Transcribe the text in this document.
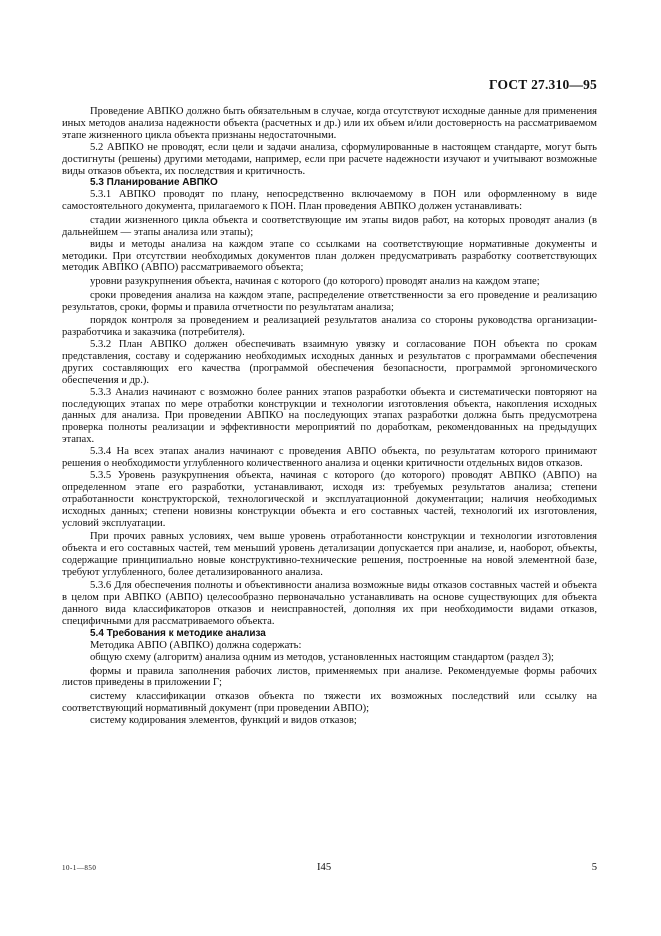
ГОСТ 27.310—95

Проведение АВПКО должно быть обязательным в случае, когда отсутствуют исходные данные для применения иных методов анализа надежности объекта (расчетных и др.) или их объем и/или достоверность на рассматриваемом этапе жизненного цикла объекта признаны недостаточными.

5.2 АВПКО не проводят, если цели и задачи анализа, сформулированные в настоящем стандарте, могут быть достигнуты (решены) другими методами, например, если при расчете надежности изучают и учитывают возможные виды отказов объекта, их последствия и критичность.

5.3 Планирование АВПКО

5.3.1 АВПКО проводят по плану, непосредственно включаемому в ПОН или оформленному в виде самостоятельного документа, прилагаемого к ПОН. План проведения АВПКО должен устанавливать:

стадии жизненного цикла объекта и соответствующие им этапы видов работ, на которых проводят анализ (в дальнейшем — этапы анализа или этапы);

виды и методы анализа на каждом этапе со ссылками на соответствующие нормативные документы и методики. При отсутствии необходимых документов план должен предусматривать разработку соответствующих методик АВПКО (АВПО) рассматриваемого объекта;

уровни разукрупнения объекта, начиная с которого (до которого) проводят анализ на каждом этапе;

сроки проведения анализа на каждом этапе, распределение ответственности за его проведение и реализацию результатов, сроки, формы и правила отчетности по результатам анализа;

порядок контроля за проведением и реализацией результатов анализа со стороны руководства организации-разработчика и заказчика (потребителя).

5.3.2 План АВПКО должен обеспечивать взаимную увязку и согласование ПОН объекта по срокам представления, составу и содержанию необходимых исходных данных и результатов с программами обеспечения других составляющих его качества (программой обеспечения безопасности, программой эргономического обеспечения и др.).

5.3.3 Анализ начинают с возможно более ранних этапов разработки объекта и систематически повторяют на последующих этапах по мере отработки конструкции и технологии изготовления объекта, накопления исходных данных для анализа. При проведении АВПКО на последующих этапах разработки должна быть предусмотрена проверка полноты реализации и эффективности мероприятий по доработкам, рекомендованных на предыдущих этапах.

5.3.4 На всех этапах анализ начинают с проведения АВПО объекта, по результатам которого принимают решения о необходимости углубленного количественного анализа и оценки критичности отдельных видов отказов.

5.3.5 Уровень разукрупнения объекта, начиная с которого (до которого) проводят АВПКО (АВПО) на определенном этапе его разработки, устанавливают, исходя из: требуемых результатов анализа; степени отработанности конструкторской, технологической и эксплуатационной документации; наличия необходимых исходных данных; степени новизны конструкции объекта и его составных частей, технологий их изготовления, условий эксплуатации.

При прочих равных условиях, чем выше уровень отработанности конструкции и технологии изготовления объекта и его составных частей, тем меньший уровень детализации допускается при анализе, и, наоборот, объекты, содержащие принципиально новые конструктивно-технические решения, построенные на новой элементной базе, требуют углубленного, более детализированного анализа.

5.3.6 Для обеспечения полноты и объективности анализа возможные виды отказов составных частей и объекта в целом при АВПКО (АВПО) целесообразно первоначально устанавливать на основе существующих для объекта данного вида классификаторов отказов и неисправностей, дополняя их при необходимости видами отказов, специфичными для рассматриваемого объекта.

5.4 Требования к методике анализа

Методика АВПО (АВПКО) должна содержать:

общую схему (алгоритм) анализа одним из методов, установленных настоящим стандартом (раздел 3);

формы и правила заполнения рабочих листов, применяемых при анализе. Рекомендуемые формы рабочих листов приведены в приложении Г;

систему классификации отказов объекта по тяжести их возможных последствий или ссылку на соответствующий нормативный документ (при проведении АВПО);

систему кодирования элементов, функций и видов отказов;

10-1—850	I45	5
